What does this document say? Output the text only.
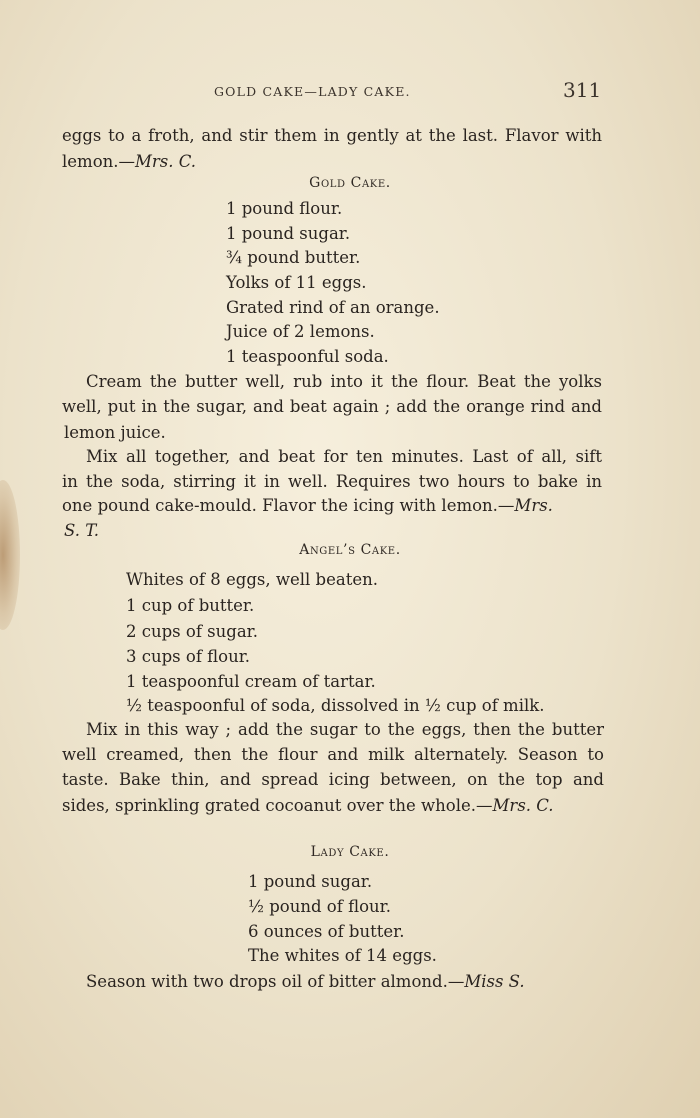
GOLD CAKE—LADY CAKE.	311
eggs to a froth, and stir them in gently at the last. Flavor with
lemon.—Mrs. C.
Gold Cake.
1 pound flour.
1 pound sugar.
¾ pound butter.
Yolks of 11 eggs.
Grated rind of an orange.
Juice of 2 lemons.
1 teaspoonful soda.
Cream the butter well, rub into it the flour. Beat the yolks
well, put in the sugar, and beat again ; add the orange rind and
lemon juice.
Mix all together, and beat for ten minutes. Last of all, sift
in the soda, stirring it in well. Requires two hours to bake in
one pound cake-mould. Flavor the icing with lemon.—Mrs.
S. T.
Angel’s Cake.
Whites of 8 eggs, well beaten.
1 cup of butter.
2 cups of sugar.
3 cups of flour.
1 teaspoonful cream of tartar.
½ teaspoonful of soda, dissolved in ½ cup of milk.
Mix in this way ; add the sugar to the eggs, then the butter
well creamed, then the flour and milk alternately. Season to
taste. Bake thin, and spread icing between, on the top and
sides, sprinkling grated cocoanut over the whole.—Mrs. C.
Lady Cake.
1 pound sugar.
½ pound of flour.
6 ounces of butter.
The whites of 14 eggs.
Season with two drops oil of bitter almond.—Miss S.
